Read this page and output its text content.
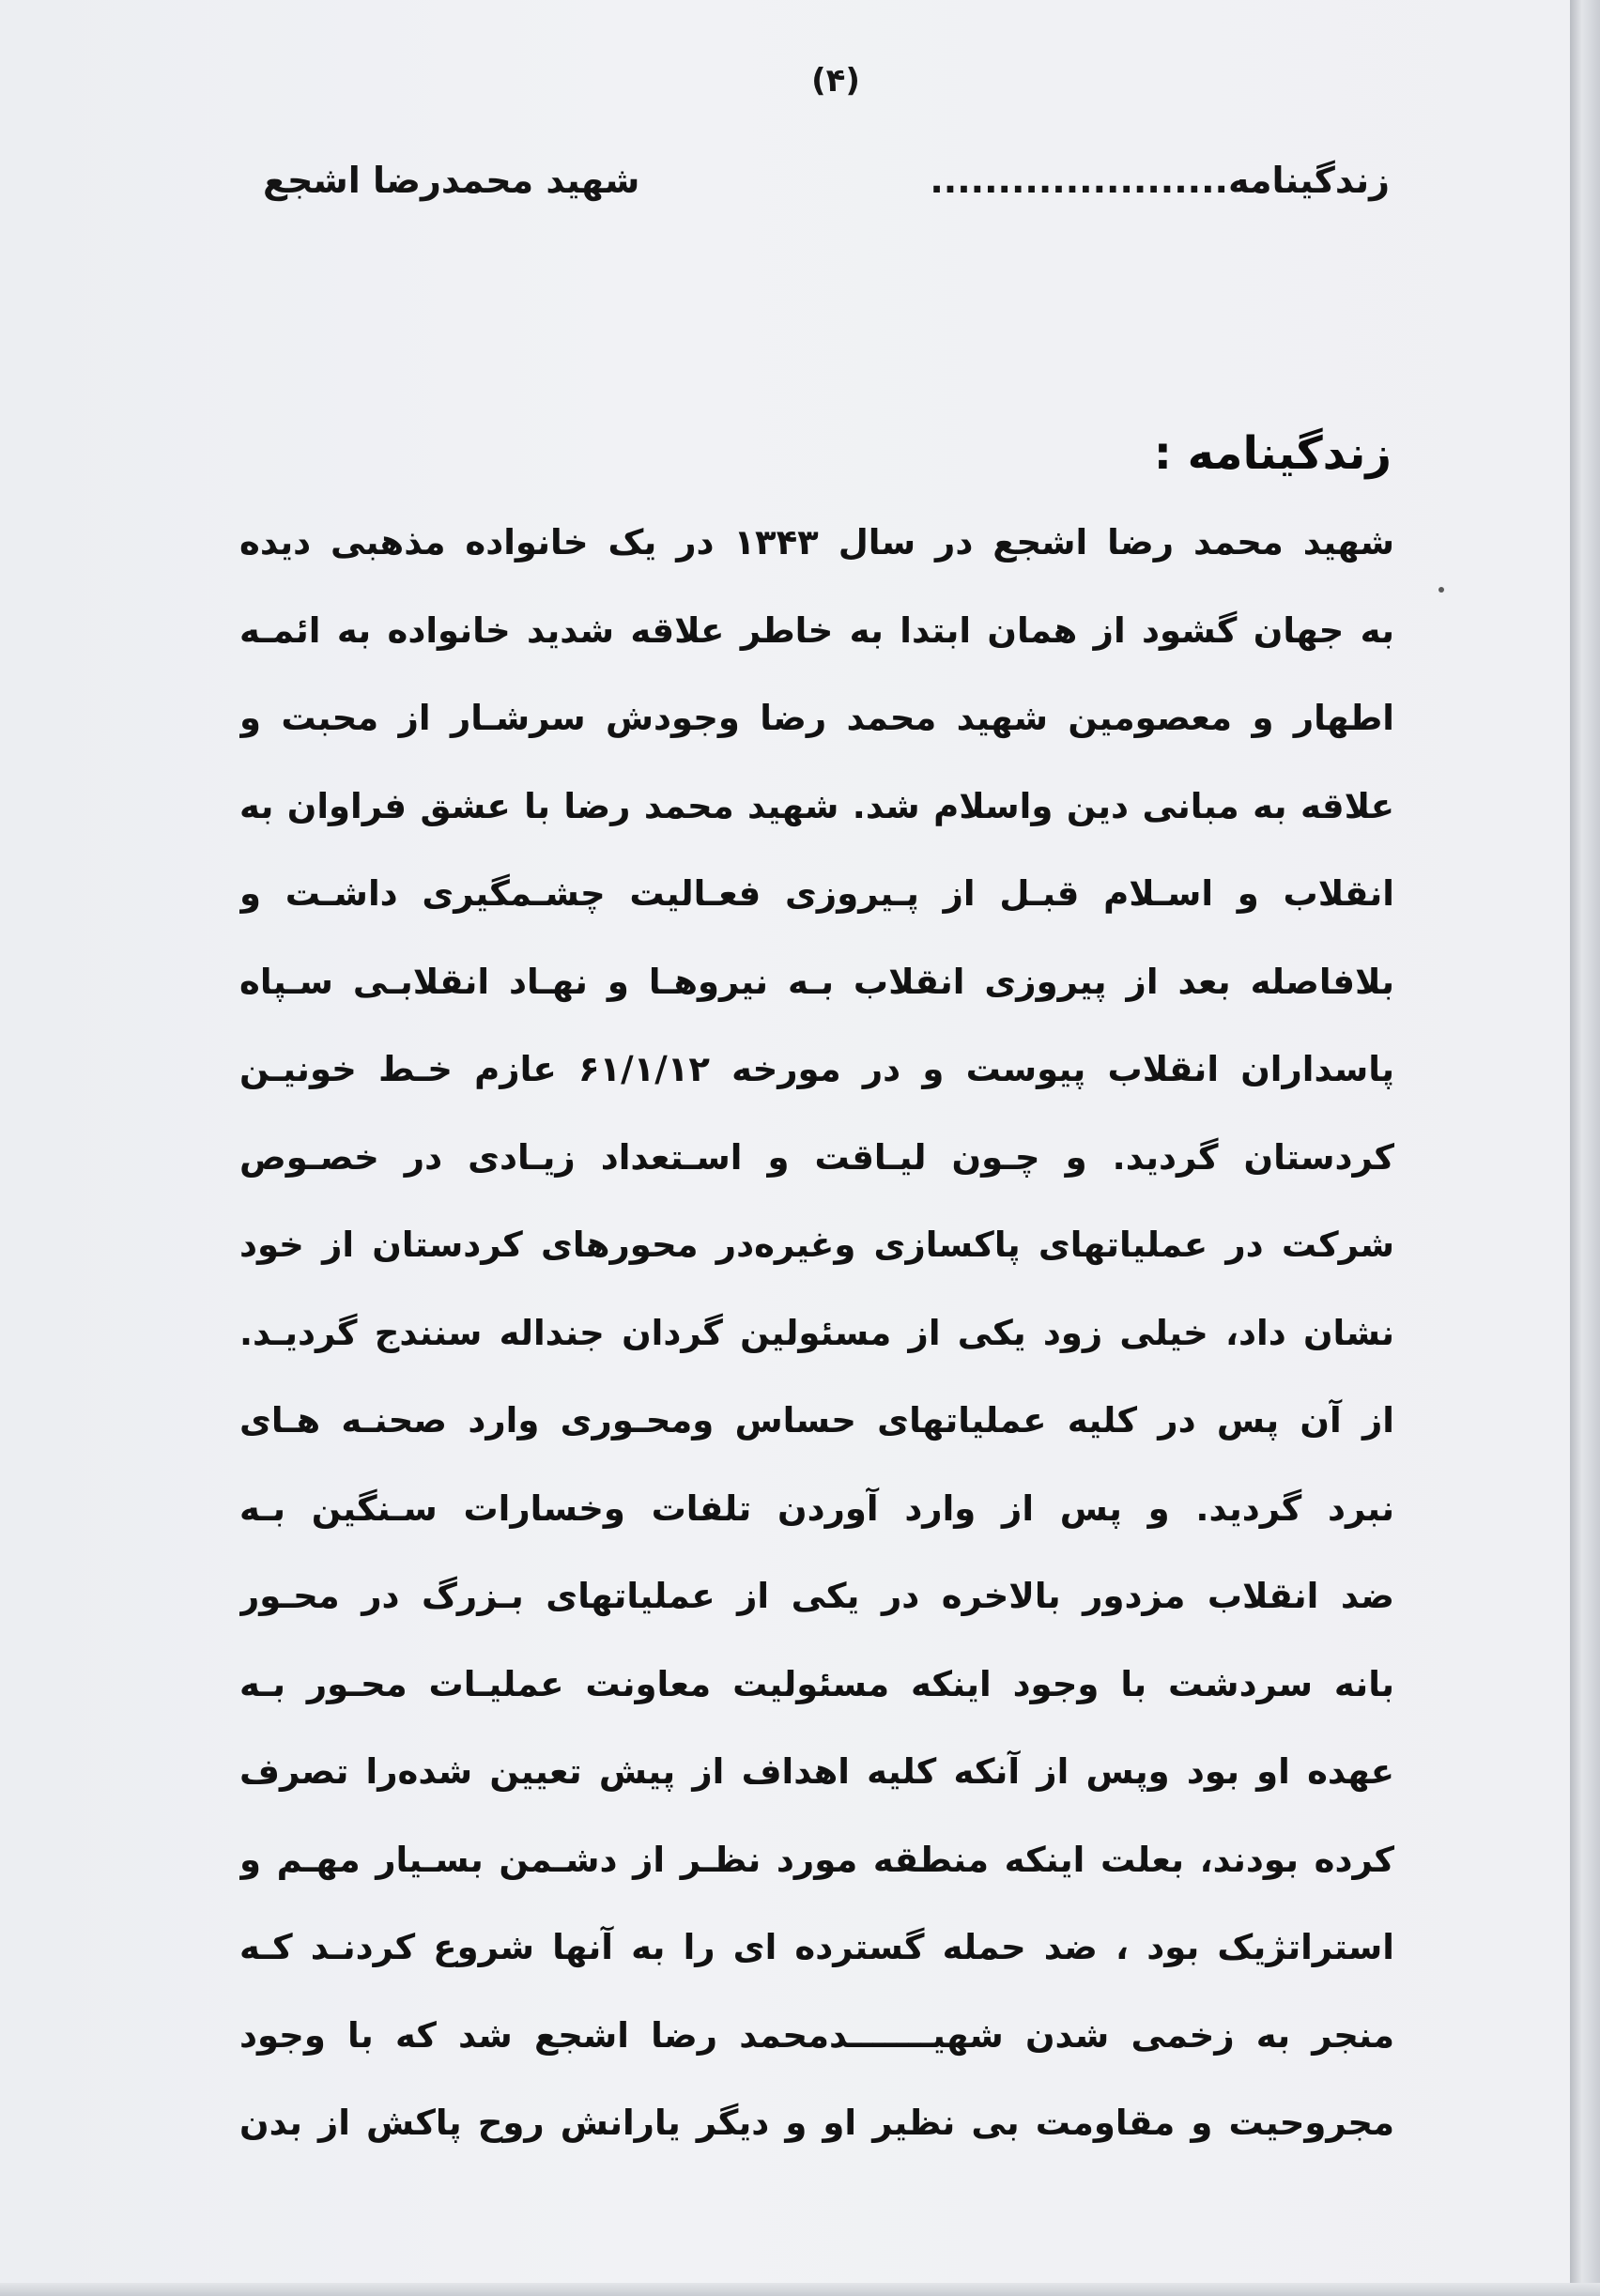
(۴)
زندگینامه......................
شهید محمدرضا اشجع
زندگینامه :
شهید محمد رضا اشجع در سال ۱۳۴۳ در یک خانواده مذهبی دیده
به جهان گشود از همان ابتدا به خاطر علاقه شدید خانواده به ائمـه
اطهار و معصومین شهید محمد رضا وجودش سرشـار از محبت و
علاقه به مبانی دین واسلام شد. شهید محمد رضا با عشق فراوان به
انقلاب و اسـلام قبـل از پـیروزی فعـالیت چشـمگیری داشـت و
بلافاصله بعد از پیروزی انقلاب بـه نیروهـا و نهـاد انقلابـی سـپاه
پاسداران انقلاب پیوست و در مورخه ۶۱/۱/۱۲ عازم خـط خونیـن
کردستان گردید. و چـون لیـاقت و اسـتعداد زیـادی در خصـوص
شرکت در عملیاتهای پاکسازی وغیره‌در محورهای کردستان از خود
نشان داد، خیلی زود یکی از مسئولین گردان جنداله سنندج گردیـد.
از آن پس در کلیه عملیاتهای حساس ومحـوری وارد صحنـه هـای
نبرد گردید. و پس از وارد آوردن تلفات وخسارات سـنگین بـه
ضد انقلاب مزدور بالاخره در یکی از عملیاتهای بـزرگ در محـور
بانه سردشت با وجود اینکه مسئولیت معاونت عملیـات محـور بـه
عهده او بود وپس از آنکه کلیه اهداف از پیش تعیین شده‌را تصرف
کرده بودند، بعلت اینکه منطقه مورد نظـر از دشـمن بسـیار مهـم و
استراتژیک بود ، ضد حمله گسترده ای را به آنها شروع کردنـد کـه
منجر به زخمی شدن شهیـــــــدمحمد رضا اشجع شد که با وجود
مجروحیت و مقاومت بی نظیر او و دیگر یارانش روح پاکش از بدن
